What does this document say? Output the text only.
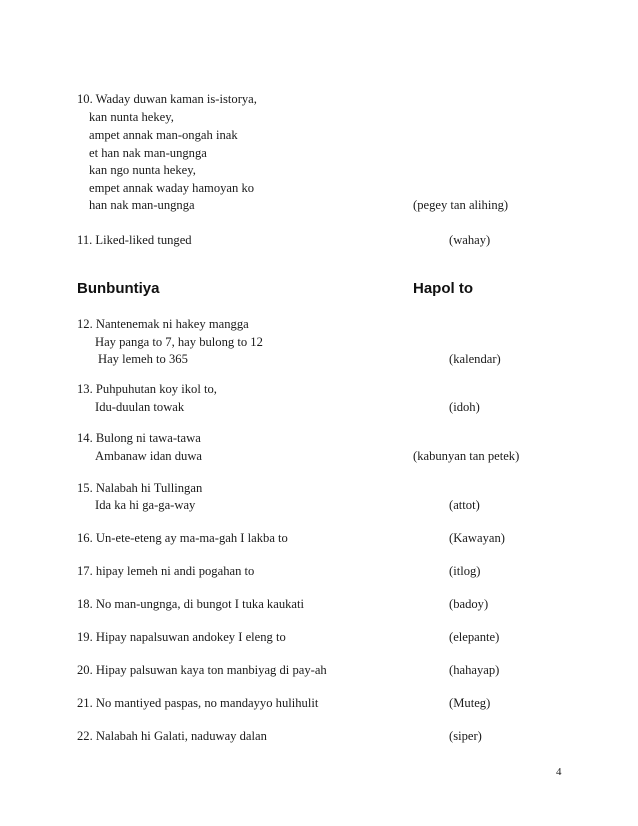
10. Waday duwan kaman is-istorya,
kan nunta hekey,
ampet annak man-ongah inak
et han nak man-ungnga
kan ngo nunta hekey,
empet annak waday hamoyan ko
han nak man-ungnga	(pegey tan alihing)
11. Liked-liked tunged	(wahay)
Bunbuntiya	Hapol to
12. Nantenemak ni hakey mangga
Hay panga to 7, hay bulong to 12
Hay lemeh to 365	(kalendar)
13. Puhpuhutan koy ikol to,
Idu-duulan towak	(idoh)
14. Bulong ni tawa-tawa
Ambanaw idan duwa	(kabunyan tan petek)
15. Nalabah hi Tullingan
Ida ka hi ga-ga-way	(attot)
16. Un-ete-eteng ay ma-ma-gah I lakba to	(Kawayan)
17. hipay lemeh ni andi pogahan to	(itlog)
18. No man-ungnga, di bungot I tuka kaukati	(badoy)
19. Hipay napalsuwan andokey I eleng to	(elepante)
20. Hipay palsuwan kaya ton manbiyag di pay-ah	(hahayap)
21. No mantiyed paspas, no mandayyo hulihulit	(Muteg)
22. Nalabah hi Galati, naduway dalan	(siper)
4
